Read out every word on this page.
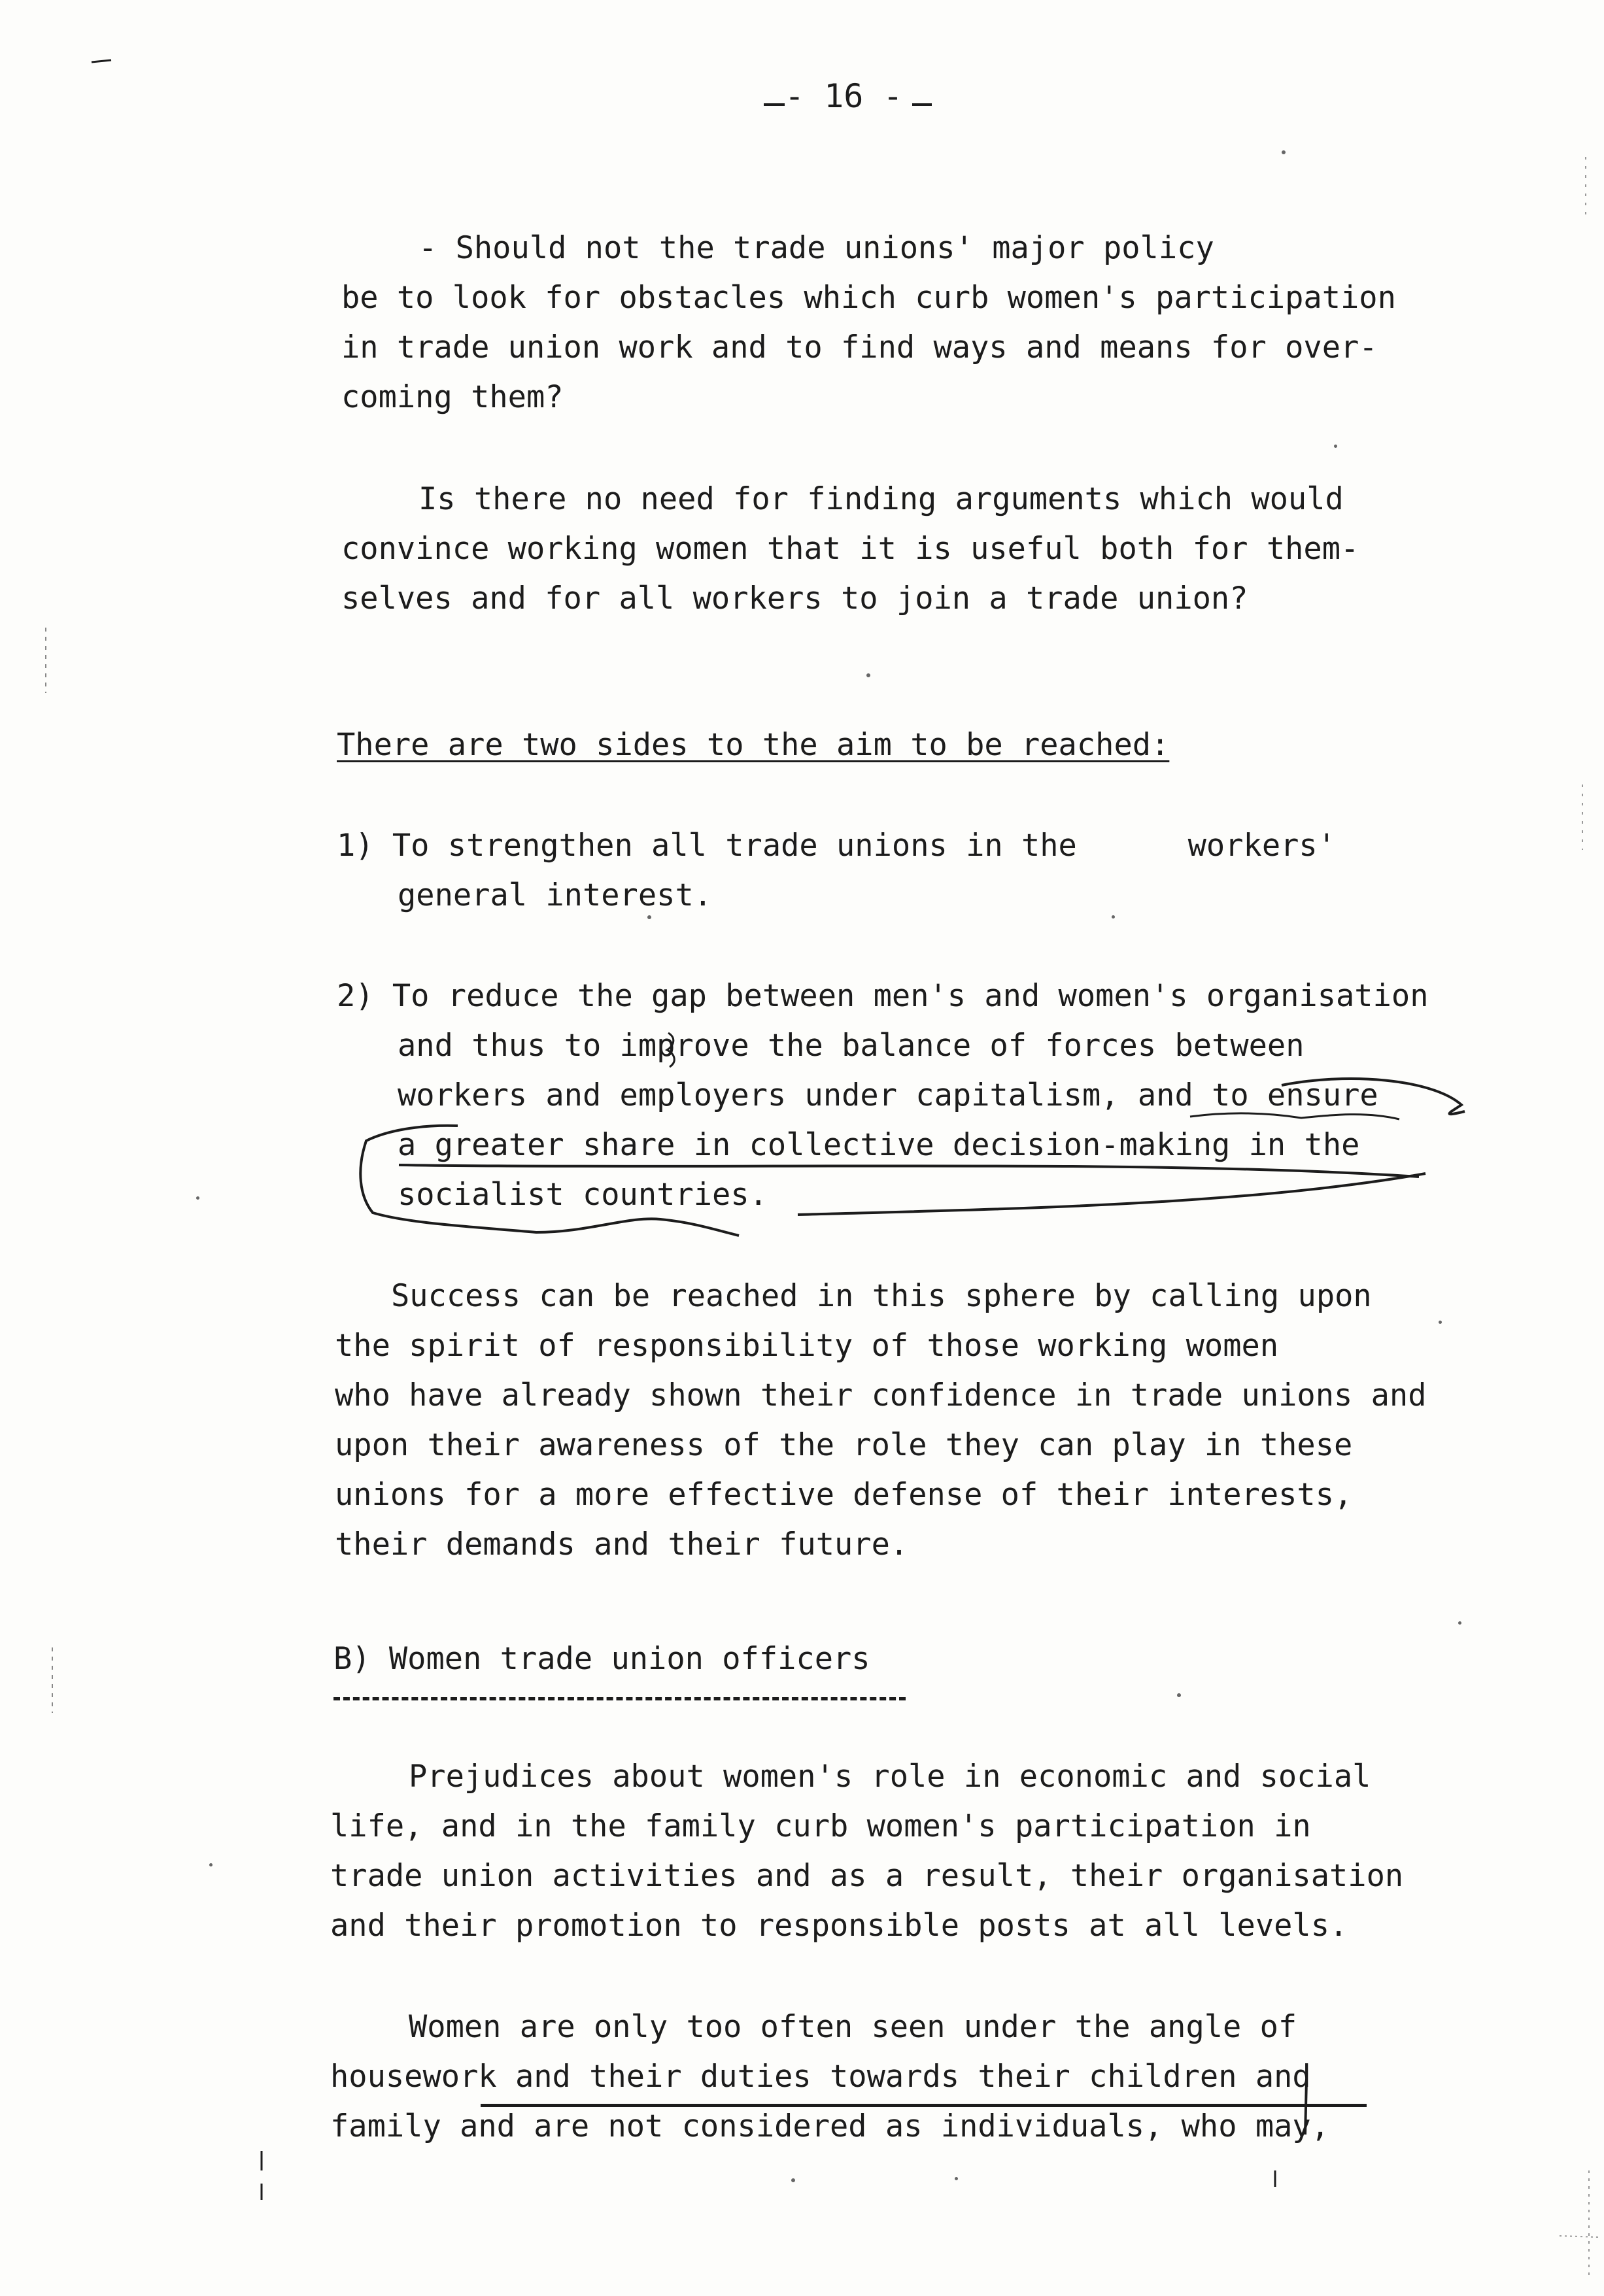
- 16 -
- Should not the trade unions' major policy
be to look for obstacles which curb women's participation
in trade union work and to find ways and means for over-
coming them?
Is there no need for finding arguments which would
convince working women that it is useful both for them-
selves and for all workers to join a trade union?
There are two sides to the aim to be reached:
1) To strengthen all trade unions in the      workers'
general interest.
2) To reduce the gap between men's and women's organisation
and thus to improve the balance of forces between
workers and employers under capitalism, and to ensure
a greater share in collective decision-making in the
socialist countries.
Success can be reached in this sphere by calling upon
the spirit of responsibility of those working women
who have already shown their confidence in trade unions and
upon their awareness of the role they can play in these
unions for a more effective defense of their interests,
their demands and their future.
B) Women trade union officers
Prejudices about women's role in economic and social
life, and in the family curb women's participation in
trade union activities and as a result, their organisation
and their promotion to responsible posts at all levels.
Women are only too often seen under the angle of
housework and their duties towards their children and
family and are not considered as individuals, who may,
